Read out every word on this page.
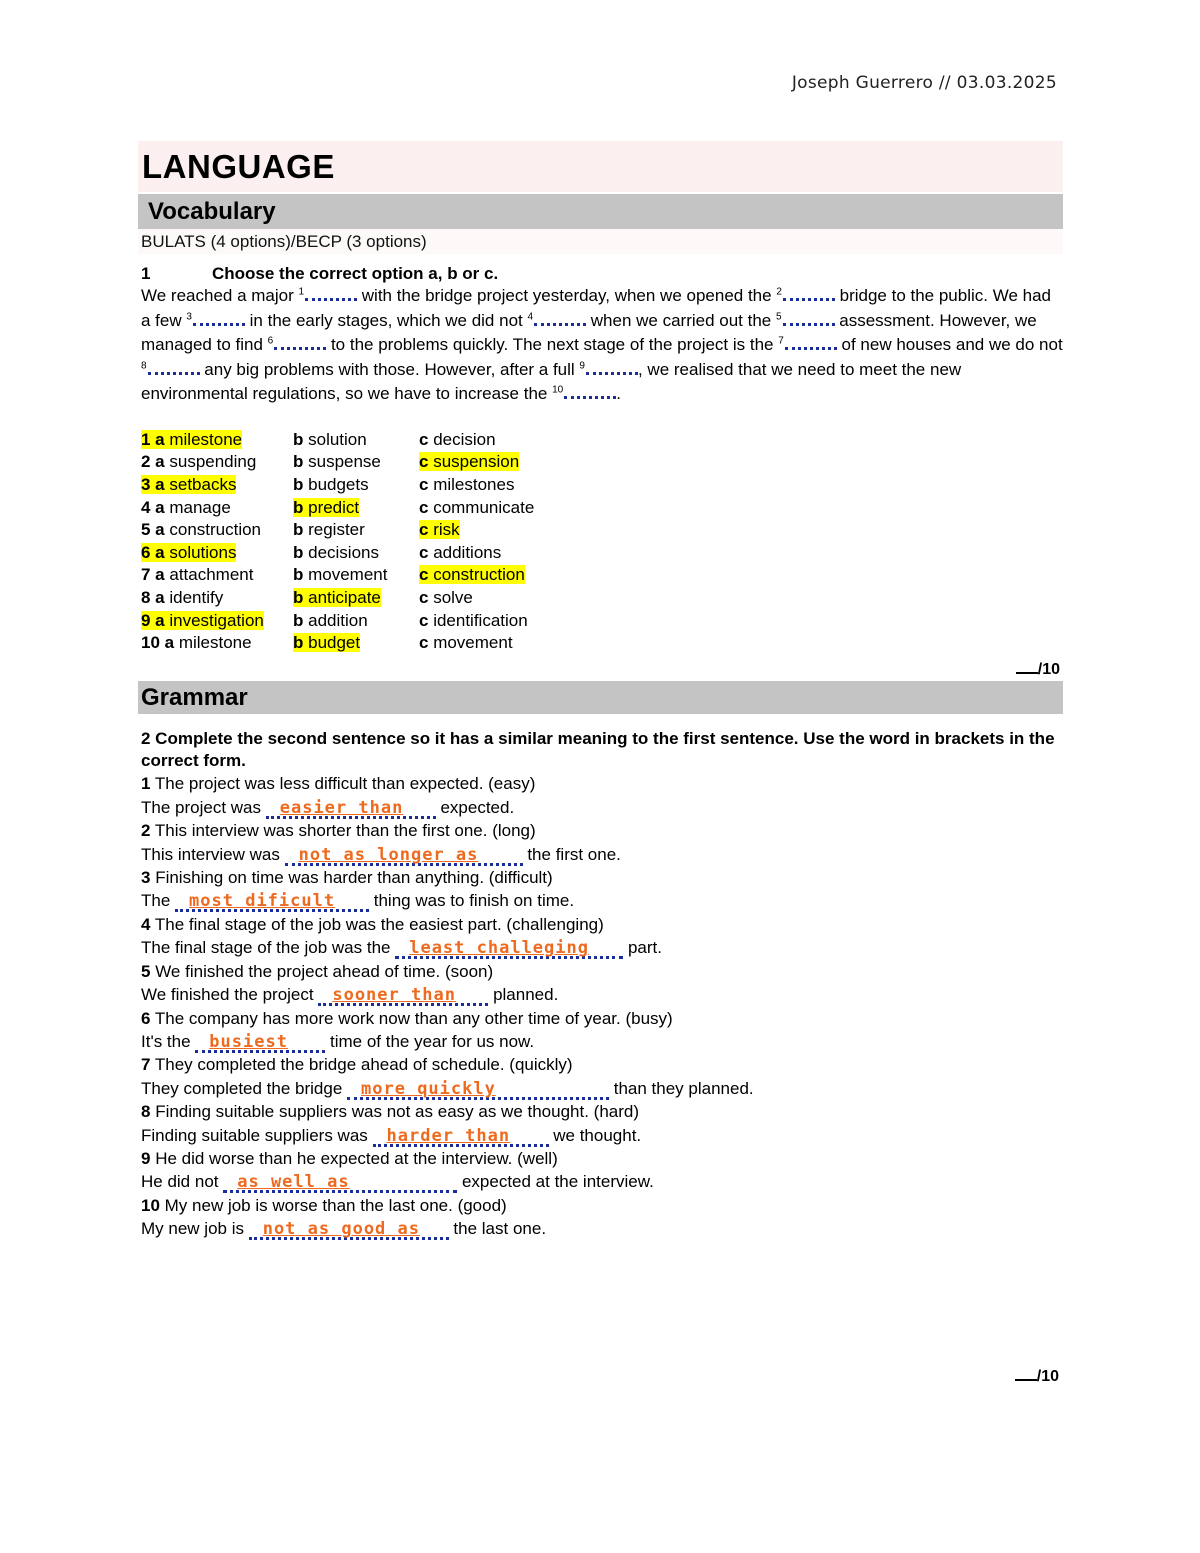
Joseph Guerrero // 03.03.2025
LANGUAGE
Vocabulary
BULATS (4 options)/BECP (3 options)
1	Choose the correct option a, b or c.
We reached a major $^1$	with the bridge project yesterday, when we opened the $^2$	bridge to the public. We had a few $^3$	in the early stages, which we did not $^4$	when we carried out the $^5$	assessment. However, we managed to find $^6$	to the problems quickly. The next stage of the project is the $^7$	of new houses and we do not $^8$	any big problems with those. However, after a full $^9$	, we realised that we need to meet the new environmental regulations, so we have to increase the $^{10}$	.
1 a milestone	b solution	c decision
2 a suspending	b suspense	c suspension
3 a setbacks	b budgets	c milestones
4 a manage	b predict	c communicate
5 a construction	b register	c risk
6 a solutions	b decisions	c additions
7 a attachment	b movement	c construction
8 a identify	b anticipate	c solve
9 a investigation	b addition	c identification
10 a milestone	b budget	c movement
/10
Grammar
2 Complete the second sentence so it has a similar meaning to the first sentence. Use the word in brackets in the correct form.
1 The project was less difficult than expected. (easy)
The project was easier than expected.
2 This interview was shorter than the first one. (long)
This interview was not as longer as	the first one.
3 Finishing on time was harder than anything. (difficult)
The most dificult thing was to finish on time.
4 The final stage of the job was the easiest part. (challenging)
The final stage of the job was the least challeging part.
5 We finished the project ahead of time. (soon)
We finished the project sooner than planned.
6 The company has more work now than any other time of year. (busy)
It's the busiest time of the year for us now.
7 They completed the bridge ahead of schedule. (quickly)
They completed the bridge more quickly	than they planned.
8 Finding suitable suppliers was not as easy as we thought. (hard)
Finding suitable suppliers was harder than we thought.
9 He did worse than he expected at the interview. (well)
He did not as well as	expected at the interview.
10 My new job is worse than the last one. (good)
My new job is not as good as the last one.
/10
